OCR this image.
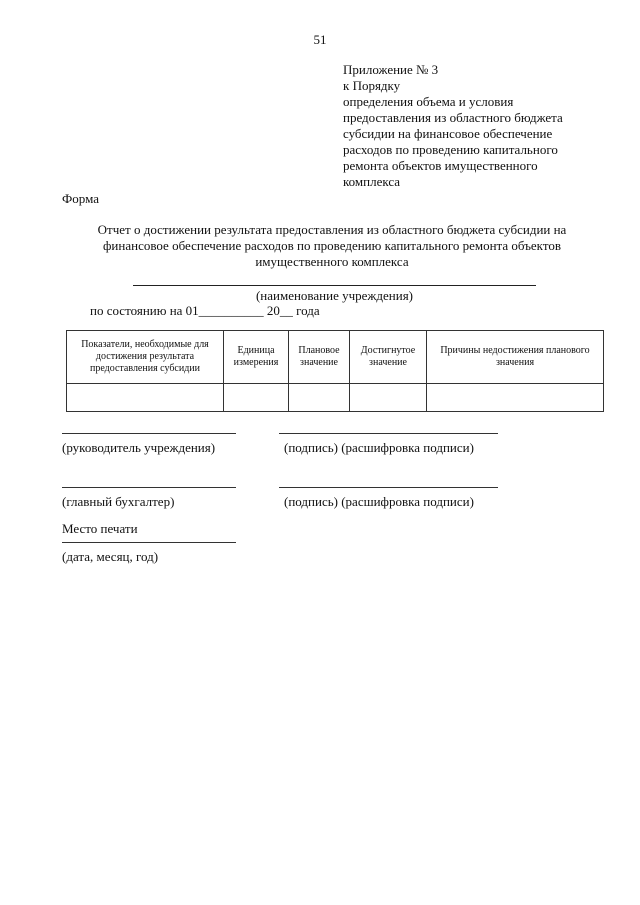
51
Приложение № 3
к Порядку
определения объема и условия
предоставления из областного бюджета
субсидии на финансовое обеспечение
расходов по проведению капитального
ремонта объектов имущественного
комплекса
Форма
Отчет о достижении результата предоставления из областного бюджета субсидии на
финансовое обеспечение расходов по проведению капитального ремонта объектов
имущественного комплекса
(наименование учреждения)
по состоянию на 01__________ 20__ года
Показатели, необходимые для достижения результата предоставления субсидии	Единица измерения	Плановое значение	Достигнутое значение	Причины недостижения планового значения

(руководитель учреждения)	(подпись) (расшифровка подписи)
(главный бухгалтер)	(подпись) (расшифровка подписи)
Место печати
(дата, месяц, год)
